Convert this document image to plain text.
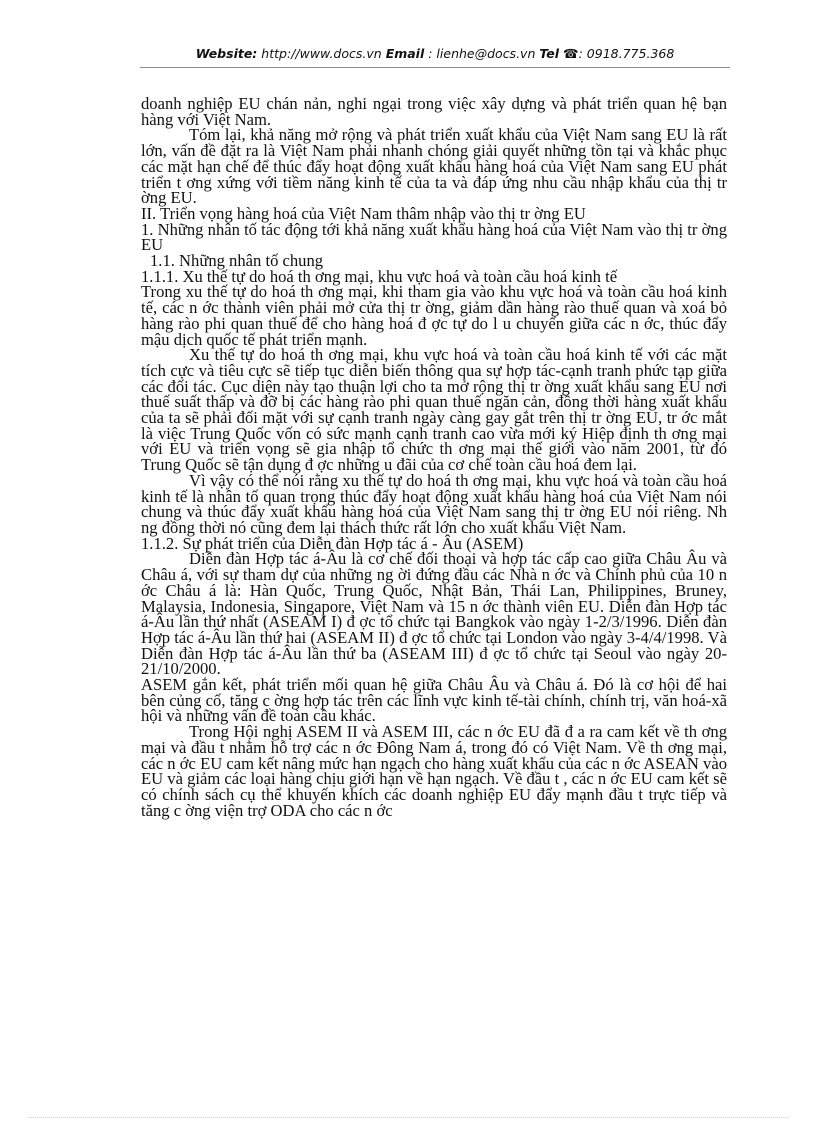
Website: http://www.docs.vn Email : lienhe@docs.vn Tel ☎: 0918.775.368

doanh nghiệp EU chán nản, nghi ngại trong việc xây dựng và phát triển quan hệ bạn hàng với Việt Nam.

Tóm lại, khả năng mở rộng và phát triển xuất khẩu của Việt Nam sang EU là rất lớn, vấn đề đặt ra là Việt Nam phải nhanh chóng giải quyết những tồn tại và khắc phục các mặt hạn chế để thúc đẩy hoạt động xuất khẩu hàng hoá của Việt Nam sang EU phát triển t ơng xứng với tiềm năng kinh tế của ta và đáp ứng nhu cầu nhập khẩu của thị tr ờng EU.

II. Triển vọng hàng hoá của Việt Nam thâm nhập vào thị tr ờng EU

1. Những nhân tố tác động tới khả năng xuất khẩu hàng hoá của Việt Nam vào thị tr ờng EU

1.1. Những nhân tố chung

1.1.1. Xu thế tự do hoá th ơng mại, khu vực hoá và toàn cầu hoá kinh tế

Trong xu thế tự do hoá th ơng mại, khi tham gia vào khu vực hoá và toàn cầu hoá kinh tế, các n ớc thành viên phải mở cửa thị tr ờng, giảm dần hàng rào thuế quan và xoá bỏ hàng rào phi quan thuế để cho hàng hoá đ ợc tự do l u chuyển giữa các n ớc, thúc đẩy mậu dịch quốc tế phát triển mạnh.

Xu thế tự do hoá th ơng mại, khu vực hoá và toàn cầu hoá kinh tế với các mặt tích cực và tiêu cực sẽ tiếp tục diễn biến thông qua sự hợp tác-cạnh tranh phức tạp giữa các đối tác. Cục diện này tạo thuận lợi cho ta mở rộng thị tr ờng xuất khẩu sang EU nơi thuế suất thấp và đỡ bị các hàng rào phi quan thuế ngăn cản, đồng thời hàng xuất khẩu của ta sẽ phải đối mặt với sự cạnh tranh ngày càng gay gắt trên thị tr ờng EU, tr ớc mắt là việc Trung Quốc vốn có sức mạnh cạnh tranh cao vừa mới ký Hiệp định th ơng mại với EU và triển vọng sẽ gia nhập tổ chức th ơng mại thế giới vào năm 2001, từ đó Trung Quốc sẽ tận dụng đ ợc những u đãi của cơ chế toàn cầu hoá đem lại.

Vì vậy có thể nói rằng xu thế tự do hoá th ơng mại, khu vực hoá và toàn cầu hoá kinh tế là nhân tố quan trọng thúc đẩy hoạt động xuất khẩu hàng hoá của Việt Nam nói chung và thúc đẩy xuất khẩu hàng hoá của Việt Nam sang thị tr ờng EU nói riêng. Nh ng đồng thời nó cũng đem lại thách thức rất lớn cho xuất khẩu Việt Nam.

1.1.2. Sự phát triển của Diễn đàn Hợp tác á - Âu (ASEM)

Diễn đàn Hợp tác á-Âu là cơ chế đối thoại và hợp tác cấp cao giữa Châu Âu và Châu á, với sự tham dự của những ng ời đứng đầu các Nhà n ớc và Chính phủ của 10 n ớc Châu á là: Hàn Quốc, Trung Quốc, Nhật Bản, Thái Lan, Philippines, Bruney, Malaysia, Indonesia, Singapore, Việt Nam và 15 n ớc thành viên EU. Diễn đàn Hợp tác á-Âu lần thứ nhất (ASEAM I) đ ợc tổ chức tại Bangkok vào ngày 1-2/3/1996. Diễn đàn Hợp tác á-Âu lần thứ hai (ASEAM II) đ ợc tổ chức tại London vào ngày 3-4/4/1998. Và Diễn đàn Hợp tác á-Âu lần thứ ba (ASEAM III) đ ợc tổ chức tại Seoul vào ngày 20-21/10/2000.

ASEM gắn kết, phát triển mối quan hệ giữa Châu Âu và Châu á. Đó là cơ hội để hai bên củng cố, tăng c ờng hợp tác trên các lĩnh vực kinh tế-tài chính, chính trị, văn hoá-xã hội và những vấn đề toàn cầu khác.

Trong Hội nghị ASEM II và ASEM III, các n ớc EU đã đ a ra cam kết về th ơng mại và đầu t nhằm hỗ trợ các n ớc Đông Nam á, trong đó có Việt Nam. Về th ơng mại, các n ớc EU cam kết nâng mức hạn ngạch cho hàng xuất khẩu của các n ớc ASEAN vào EU và giảm các loại hàng chịu giới hạn về hạn ngạch. Về đầu t , các n ớc EU cam kết sẽ có chính sách cụ thể khuyến khích các doanh nghiệp EU đẩy mạnh đầu t trực tiếp và tăng c ờng viện trợ ODA cho các n ớc
